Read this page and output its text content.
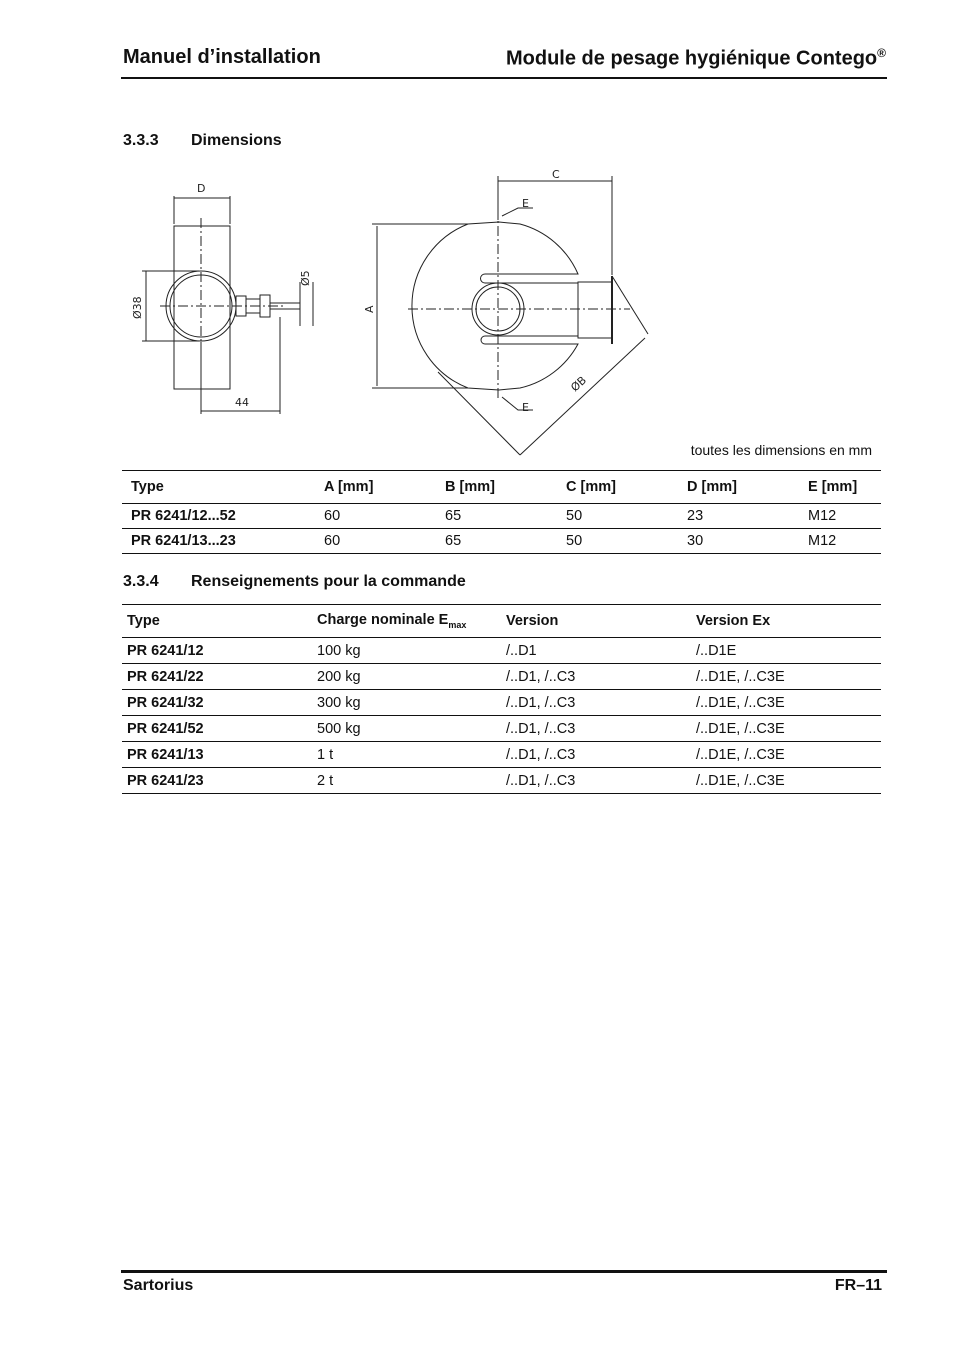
Manuel d’installation	Module de pesage hygiénique Contego®
3.3.3 Dimensions
D
C
E
E
44
A
Ø38
Ø5
ØB
toutes les dimensions en mm
Type	A [mm]	B [mm]	C [mm]	D [mm]	E [mm]
PR 6241/12...52	60	65	50	23	M12
PR 6241/13...23	60	65	50	30	M12
3.3.4 Renseignements pour la commande
Type	Charge nominale $E_{max}$	Version	Version Ex
PR 6241/12	100 kg	/..D1	/..D1E
PR 6241/22	200 kg	/..D1, /..C3	/..D1E, /..C3E
PR 6241/32	300 kg	/..D1, /..C3	/..D1E, /..C3E
PR 6241/52	500 kg	/..D1, /..C3	/..D1E, /..C3E
PR 6241/13	1 t	/..D1, /..C3	/..D1E, /..C3E
PR 6241/23	2 t	/..D1, /..C3	/..D1E, /..C3E
Sartorius	FR–11
